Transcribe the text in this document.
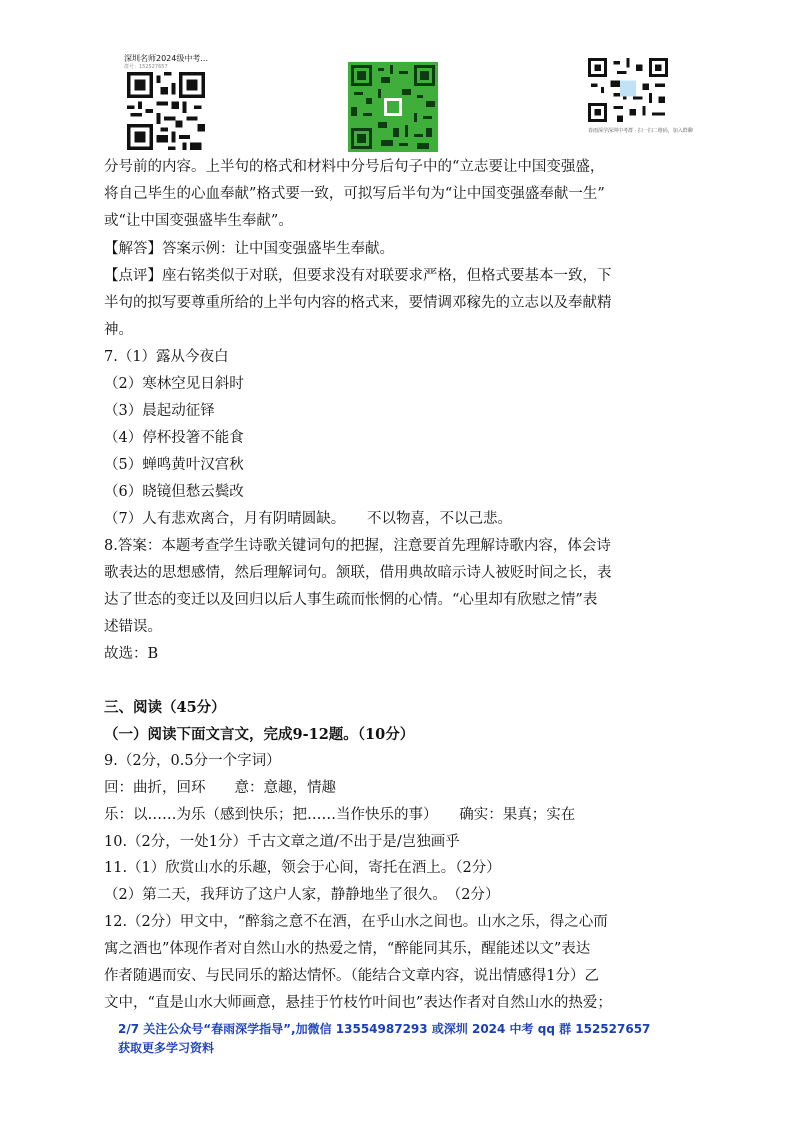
深圳名师2024级中考...
群号：152527657
春雨深学深圳中考群 · 扫一扫二维码，加入群聊
分号前的内容。上半句的格式和材料中分号后句子中的“立志要让中国变强盛，
将自己毕生的心血奉献”格式要一致，可拟写后半句为“让中国变强盛奉献一生”
或“让中国变强盛毕生奉献”。
【解答】答案示例：让中国变强盛毕生奉献。
【点评】座右铭类似于对联，但要求没有对联要求严格，但格式要基本一致，下
半句的拟写要尊重所给的上半句内容的格式来，要情调邓稼先的立志以及奉献精
神。
7.（1）露从今夜白
（2）寒林空见日斜时
（3）晨起动征铎
（4）停杯投箸不能食
（5）蝉鸣黄叶汉宫秋
（6）晓镜但愁云鬓改
（7）人有悲欢离合，月有阴晴圆缺。　　不以物喜，不以己悲。
8.答案：本题考查学生诗歌关键词句的把握，注意要首先理解诗歌内容，体会诗
歌表达的思想感情，然后理解词句。颔联，借用典故暗示诗人被贬时间之长，表
达了世态的变迁以及回归以后人事生疏而怅惘的心情。“心里却有欣慰之情”表
述错误。
故选：B
三、阅读（45分）
（一）阅读下面文言文，完成9-12题。（10分）
9.（2分，0.5分一个字词）
回：曲折，回环　　意：意趣，情趣
乐：以……为乐（感到快乐；把……当作快乐的事）　　确实：果真；实在
10.（2分，一处1分）千古文章之道/不出于是/岂独画乎
11.（1）欣赏山水的乐趣，领会于心间，寄托在酒上。（2分）
（2）第二天，我拜访了这户人家，静静地坐了很久。　（2分）
12.（2分）甲文中，“醉翁之意不在酒，在乎山水之间也。山水之乐，得之心而
寓之酒也”体现作者对自然山水的热爱之情，“醉能同其乐，醒能述以文”表达
作者随遇而安、与民同乐的豁达情怀。（能结合文章内容，说出情感得1分）乙
文中，“直是山水大师画意，悬挂于竹枝竹叶间也”表达作者对自然山水的热爱；
2/7 关注公众号“春雨深学指导”,加微信 13554987293 或深圳 2024 中考 qq 群 152527657
获取更多学习资料
